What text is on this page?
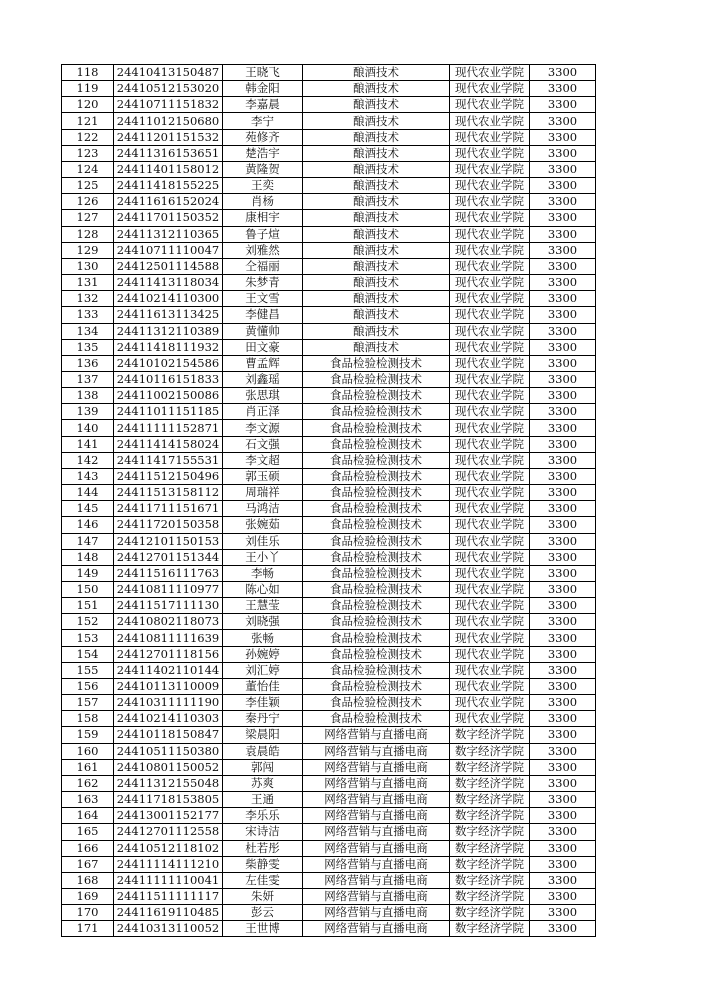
118	24410413150487	王晓飞	酿酒技术	现代农业学院	3300
119	24410512153020	韩金阳	酿酒技术	现代农业学院	3300
120	24410711151832	李嘉晨	酿酒技术	现代农业学院	3300
121	24411012150680	李宁	酿酒技术	现代农业学院	3300
122	24411201151532	苑修齐	酿酒技术	现代农业学院	3300
123	24411316153651	楚浩宇	酿酒技术	现代农业学院	3300
124	24411401158012	黄隆贺	酿酒技术	现代农业学院	3300
125	24411418155225	王奕	酿酒技术	现代农业学院	3300
126	24411616152024	肖杨	酿酒技术	现代农业学院	3300
127	24411701150352	康相宇	酿酒技术	现代农业学院	3300
128	24411312110365	鲁子煊	酿酒技术	现代农业学院	3300
129	24410711110047	刘雅然	酿酒技术	现代农业学院	3300
130	24412501114588	仝福丽	酿酒技术	现代农业学院	3300
131	24411413118034	朱梦青	酿酒技术	现代农业学院	3300
132	24410214110300	王文雪	酿酒技术	现代农业学院	3300
133	24411613113425	李健昌	酿酒技术	现代农业学院	3300
134	24411312110389	黄懂帅	酿酒技术	现代农业学院	3300
135	24411418111932	田文豪	酿酒技术	现代农业学院	3300
136	24410102154586	曹孟辉	食品检验检测技术	现代农业学院	3300
137	24410116151833	刘鑫瑶	食品检验检测技术	现代农业学院	3300
138	24411002150086	张思琪	食品检验检测技术	现代农业学院	3300
139	24411011151185	肖正泽	食品检验检测技术	现代农业学院	3300
140	24411111152871	李文源	食品检验检测技术	现代农业学院	3300
141	24411414158024	石文强	食品检验检测技术	现代农业学院	3300
142	24411417155531	李文超	食品检验检测技术	现代农业学院	3300
143	24411512150496	郭玉硕	食品检验检测技术	现代农业学院	3300
144	24411513158112	周瑞祥	食品检验检测技术	现代农业学院	3300
145	24411711151671	马鸿洁	食品检验检测技术	现代农业学院	3300
146	24411720150358	张婉茹	食品检验检测技术	现代农业学院	3300
147	24412101150153	刘佳乐	食品检验检测技术	现代农业学院	3300
148	24412701151344	王小丫	食品检验检测技术	现代农业学院	3300
149	24411516111763	李畅	食品检验检测技术	现代农业学院	3300
150	24410811110977	陈心如	食品检验检测技术	现代农业学院	3300
151	24411517111130	王慧莹	食品检验检测技术	现代农业学院	3300
152	24410802118073	刘晓强	食品检验检测技术	现代农业学院	3300
153	24410811111639	张畅	食品检验检测技术	现代农业学院	3300
154	24412701118156	孙婉婷	食品检验检测技术	现代农业学院	3300
155	24411402110144	刘汇婷	食品检验检测技术	现代农业学院	3300
156	24410113110009	董怡佳	食品检验检测技术	现代农业学院	3300
157	24410311111190	李佳颖	食品检验检测技术	现代农业学院	3300
158	24410214110303	秦丹宁	食品检验检测技术	现代农业学院	3300
159	24410118150847	梁晨阳	网络营销与直播电商	数字经济学院	3300
160	24410511150380	袁晨皓	网络营销与直播电商	数字经济学院	3300
161	24410801150052	郭闯	网络营销与直播电商	数字经济学院	3300
162	24411312155048	苏爽	网络营销与直播电商	数字经济学院	3300
163	24411718153805	王通	网络营销与直播电商	数字经济学院	3300
164	24413001152177	李乐乐	网络营销与直播电商	数字经济学院	3300
165	24412701112558	宋诗洁	网络营销与直播电商	数字经济学院	3300
166	24410512118102	杜若彤	网络营销与直播电商	数字经济学院	3300
167	24411114111210	柴静雯	网络营销与直播电商	数字经济学院	3300
168	24411111110041	左佳雯	网络营销与直播电商	数字经济学院	3300
169	24411511111117	朱妍	网络营销与直播电商	数字经济学院	3300
170	24411619110485	彭云	网络营销与直播电商	数字经济学院	3300
171	24410313110052	王世博	网络营销与直播电商	数字经济学院	3300
